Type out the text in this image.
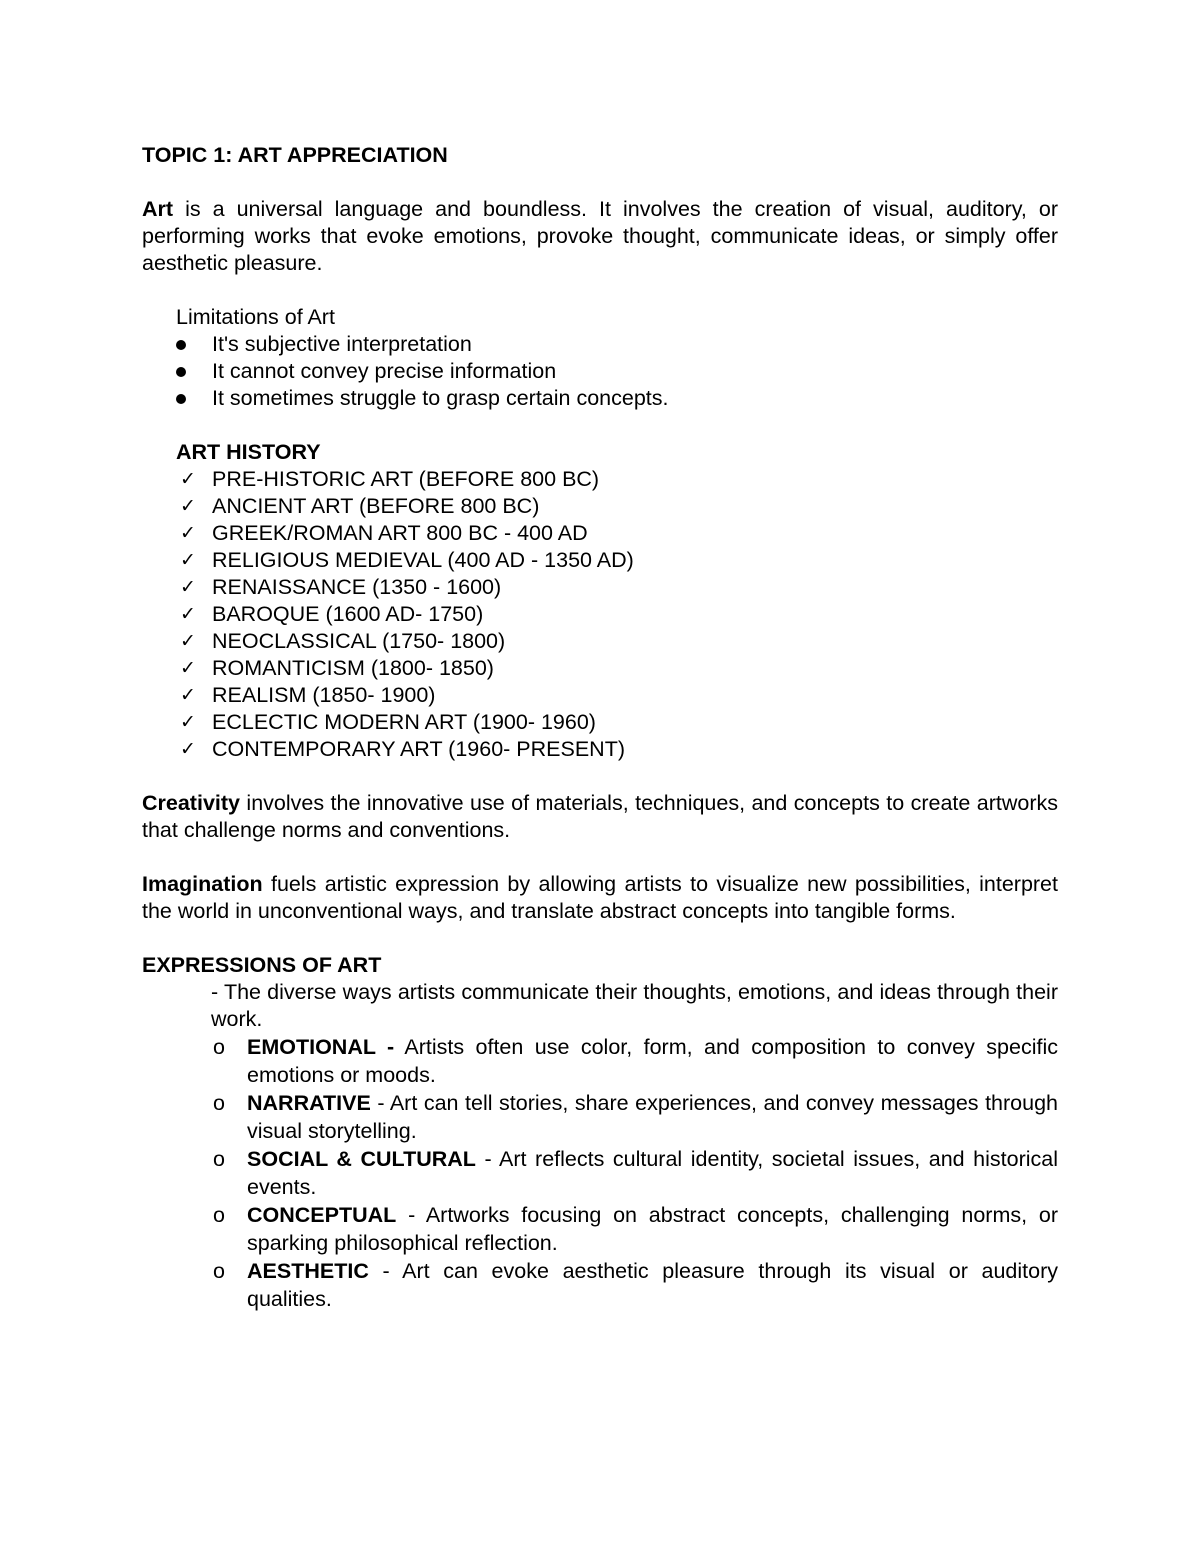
TOPIC 1: ART APPRECIATION

Art is a universal language and boundless. It involves the creation of visual, auditory, or performing works that evoke emotions, provoke thought, communicate ideas, or simply offer aesthetic pleasure.

Limitations of Art

It's subjective interpretation
It cannot convey precise information
It sometimes struggle to grasp certain concepts.

ART HISTORY

✓ PRE-HISTORIC ART (BEFORE 800 BC)
✓ ANCIENT ART (BEFORE 800 BC)
✓ GREEK/ROMAN ART 800 BC - 400 AD
✓ RELIGIOUS MEDIEVAL (400 AD - 1350 AD)
✓ RENAISSANCE (1350 - 1600)
✓ BAROQUE (1600 AD- 1750)
✓ NEOCLASSICAL (1750- 1800)
✓ ROMANTICISM (1800- 1850)
✓ REALISM (1850- 1900)
✓ ECLECTIC MODERN ART (1900- 1960)
✓ CONTEMPORARY ART (1960- PRESENT)

Creativity involves the innovative use of materials, techniques, and concepts to create artworks that challenge norms and conventions.

Imagination fuels artistic expression by allowing artists to visualize new possibilities, interpret the world in unconventional ways, and translate abstract concepts into tangible forms.

EXPRESSIONS OF ART

- The diverse ways artists communicate their thoughts, emotions, and ideas through their work.

o EMOTIONAL - Artists often use color, form, and composition to convey specific emotions or moods.
o NARRATIVE - Art can tell stories, share experiences, and convey messages through visual storytelling.
o SOCIAL & CULTURAL - Art reflects cultural identity, societal issues, and historical events.
o CONCEPTUAL - Artworks focusing on abstract concepts, challenging norms, or sparking philosophical reflection.
o AESTHETIC - Art can evoke aesthetic pleasure through its visual or auditory qualities.
